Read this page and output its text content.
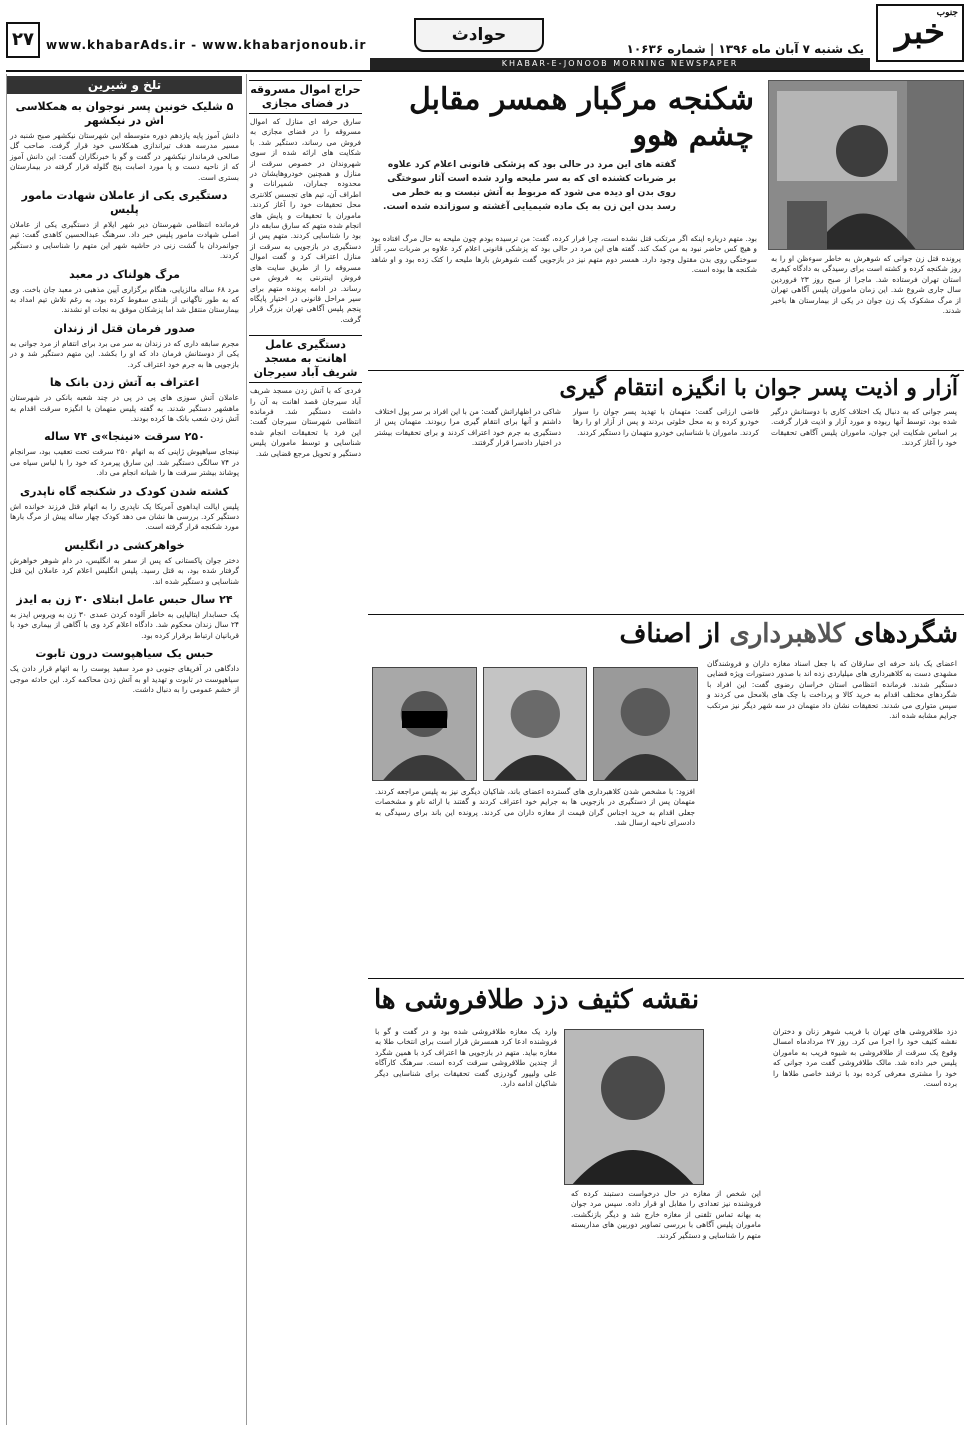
جنوب
خبر
یک شنبه ۷ آبان ماه ۱۳۹۶ | شماره ۱۰۶۳۶
حوادث
www.khabarAds.ir - www.khabarjonoub.ir
۲۷
KHABAR-E-JONOOB MORNING NEWSPAPER
تلخ و شیرین
۵ شلیک خونین پسر نوجوان به همکلاسی اش در نیکشهر
دانش آموز پایه یازدهم دوره متوسطه این شهرستان نیکشهر صبح شنبه در مسیر مدرسه هدف تیراندازی همکلاسی خود قرار گرفت. صاحب گل صالحی فرماندار نیکشهر در گفت و گو با خبرنگاران گفت: این دانش آموز که از ناحیه دست و پا مورد اصابت پنج گلوله قرار گرفته در بیمارستان بستری است.
دستگیری یکی از عاملان شهادت مامور پلیس
فرمانده انتظامی شهرستان دیر شهر ایلام از دستگیری یکی از عاملان اصلی شهادت مامور پلیس خبر داد. سرهنگ عبدالحسین کاهدی گفت: تیم جوانمردان با گشت زنی در حاشیه شهر این متهم را شناسایی و دستگیر کردند.
مرگ هولناک در معبد
مرد ۶۸ ساله مالزیایی، هنگام برگزاری آیین مذهبی در معبد جان باخت. وی که به طور ناگهانی از بلندی سقوط کرده بود، به رغم تلاش تیم امداد به بیمارستان منتقل شد اما پزشکان موفق به نجات او نشدند.
صدور فرمان قتل از زندان
مجرم سابقه داری که در زندان به سر می برد برای انتقام از مرد جوانی به یکی از دوستانش فرمان داد که او را بکشد. این متهم دستگیر شد و در بازجویی ها به جرم خود اعتراف کرد.
اعتراف به آتش زدن بانک ها
عاملان آتش سوزی های پی در پی در چند شعبه بانکی در شهرستان ماهشهر دستگیر شدند. به گفته پلیس متهمان با انگیزه سرقت اقدام به آتش زدن شعب بانک ها کرده بودند.
۲۵۰ سرقت «نینجا»ی ۷۴ ساله
نینجای سیاهپوش ژاپنی که به اتهام ۲۵۰ سرقت تحت تعقیب بود، سرانجام در ۷۴ سالگی دستگیر شد. این سارق پیرمرد که خود را با لباس سیاه می پوشاند بیشتر سرقت ها را شبانه انجام می داد.
کشته شدن کودک در شکنجه گاه ناپدری
پلیس ایالت ایداهوی آمریکا یک ناپدری را به اتهام قتل فرزند خوانده اش دستگیر کرد. بررسی ها نشان می دهد کودک چهار ساله پیش از مرگ بارها مورد شکنجه قرار گرفته است.
خواهرکشی در انگلیس
دختر جوان پاکستانی که پس از سفر به انگلیس، در دام شوهر خواهرش گرفتار شده بود، به قتل رسید. پلیس انگلیس اعلام کرد عاملان این قتل شناسایی و دستگیر شده اند.
۲۴ سال حبس عامل ابتلای ۳۰ زن به ایدز
یک حسابدار ایتالیایی به خاطر آلوده کردن عمدی ۳۰ زن به ویروس ایدز به ۲۴ سال زندان محکوم شد. دادگاه اعلام کرد وی با آگاهی از بیماری خود با قربانیان ارتباط برقرار کرده بود.
حبس یک سیاهپوست درون تابوت
دادگاهی در آفریقای جنوبی دو مرد سفید پوست را به اتهام قرار دادن یک سیاهپوست در تابوت و تهدید او به آتش زدن محاکمه کرد. این حادثه موجی از خشم عمومی را به دنبال داشت.
حراج اموال مسروقه در فضای مجازی
سارق حرفه ای منازل که اموال مسروقه را در فضای مجازی به فروش می رساند، دستگیر شد. با شکایت های ارائه شده از سوی شهروندان در خصوص سرقت از منازل و همچنین خودروهایشان در محدوده جماران، شمیرانات و اطراف آن، تیم های تجسس کلانتری محل تحقیقات خود را آغاز کردند. ماموران با تحقیقات و پایش های انجام شده متهم که سارق سابقه دار بود را شناسایی کردند. متهم پس از دستگیری در بازجویی به سرقت از منازل اعتراف کرد و گفت اموال مسروقه را از طریق سایت های فروش اینترنتی به فروش می رساند. در ادامه پرونده متهم برای سیر مراحل قانونی در اختیار پایگاه پنجم پلیس آگاهی تهران بزرگ قرار گرفت.
دستگیری عامل اهانت به مسجد شریف آباد سیرجان
فردی که با آتش زدن مسجد شریف آباد سیرجان قصد اهانت به آن را داشت دستگیر شد. فرمانده انتظامی شهرستان سیرجان گفت: این فرد با تحقیقات انجام شده شناسایی و توسط ماموران پلیس دستگیر و تحویل مرجع قضایی شد.
شکنجه مرگبار همسر مقابل چشم هوو
گفته های این مرد در حالی بود که پزشکی قانونی اعلام کرد علاوه بر ضربات کشنده ای که به سر ملیحه وارد شده است آثار سوختگی روی بدن او دیده می شود که مربوط به آتش نیست و به خطر می رسد بدن این زن به یک ماده شیمیایی آغشته و سوزانده شده است.
پرونده قتل زن جوانی که شوهرش به خاطر سوءظن او را به روز شکنجه کرده و کشته است برای رسیدگی به دادگاه کیفری استان تهران فرستاده شد. ماجرا از صبح روز ۲۳ فروردین سال جاری شروع شد. این زمان ماموران پلیس آگاهی تهران از مرگ مشکوک یک زن جوان در یکی از بیمارستان ها باخبر شدند.
بود. متهم درباره اینکه اگر مرتکب قتل نشده است، چرا فرار کرده، گفت: من ترسیده بودم چون ملیحه به حال مرگ افتاده بود و هیچ کس حاضر نبود به من کمک کند. گفته های این مرد در حالی بود که پزشکی قانونی اعلام کرد علاوه بر ضربات سر، آثار سوختگی روی بدن مقتول وجود دارد. همسر دوم متهم نیز در بازجویی گفت شوهرش بارها ملیحه را کتک زده بود و او شاهد شکنجه ها بوده است.
آزار و اذیت پسر جوان با انگیزه انتقام گیری
پسر جوانی که به دنبال یک اختلاف کاری با دوستانش درگیر شده بود، توسط آنها ربوده و مورد آزار و اذیت قرار گرفت. بر اساس شکایت این جوان، ماموران پلیس آگاهی تحقیقات خود را آغاز کردند.
قاضی ارزانی گفت: متهمان با تهدید پسر جوان را سوار خودرو کرده و به محل خلوتی بردند و پس از آزار او را رها کردند. ماموران با شناسایی خودرو متهمان را دستگیر کردند.
شاکی در اظهاراتش گفت: من با این افراد بر سر پول اختلاف داشتم و آنها برای انتقام گیری مرا ربودند. متهمان پس از دستگیری به جرم خود اعتراف کردند و برای تحقیقات بیشتر در اختیار دادسرا قرار گرفتند.
شگردهای کلاهبرداری از اصناف
اعضای یک باند حرفه ای سارقان که با جعل اسناد مغازه داران و فروشندگان مشهدی دست به کلاهبرداری های میلیاردی زده اند با صدور دستورات ویژه قضایی دستگیر شدند. فرمانده انتظامی استان خراسان رضوی گفت: این افراد با شگردهای مختلف اقدام به خرید کالا و پرداخت با چک های بلامحل می کردند و سپس متواری می شدند. تحقیقات نشان داد متهمان در سه شهر دیگر نیز مرتکب جرایم مشابه شده اند.
افزود: با مشخص شدن کلاهبرداری های گسترده اعضای باند، شاکیان دیگری نیز به پلیس مراجعه کردند. متهمان پس از دستگیری در بازجویی ها به جرایم خود اعتراف کردند و گفتند با ارائه نام و مشخصات جعلی اقدام به خرید اجناس گران قیمت از مغازه داران می کردند. پرونده این باند برای رسیدگی به دادسرای ناحیه ارسال شد.
نقشه کثیف دزد طلافروشی ها
دزد طلافروشی های تهران با فریب شوهر زنان و دختران نقشه کثیف خود را اجرا می کرد. روز ۲۷ مردادماه امسال وقوع یک سرقت از طلافروشی به شیوه فریب به ماموران پلیس خبر داده شد. مالک طلافروشی گفت مرد جوانی که خود را مشتری معرفی کرده بود با ترفند خاصی طلاها را برده است.
این شخص از مغازه در حال درخواست دستبند کرده که فروشنده نیز تعدادی را مقابل او قرار داده. سپس مرد جوان به بهانه تماس تلفنی از مغازه خارج شد و دیگر بازنگشت. ماموران پلیس آگاهی با بررسی تصاویر دوربین های مداربسته متهم را شناسایی و دستگیر کردند.
وارد یک مغازه طلافروشی شده بود و در گفت و گو با فروشنده ادعا کرد همسرش قرار است برای انتخاب طلا به مغازه بیاید. متهم در بازجویی ها اعتراف کرد با همین شگرد از چندین طلافروشی سرقت کرده است. سرهنگ کارآگاه علی ولیپور گودرزی گفت تحقیقات برای شناسایی دیگر شاکیان ادامه دارد.
